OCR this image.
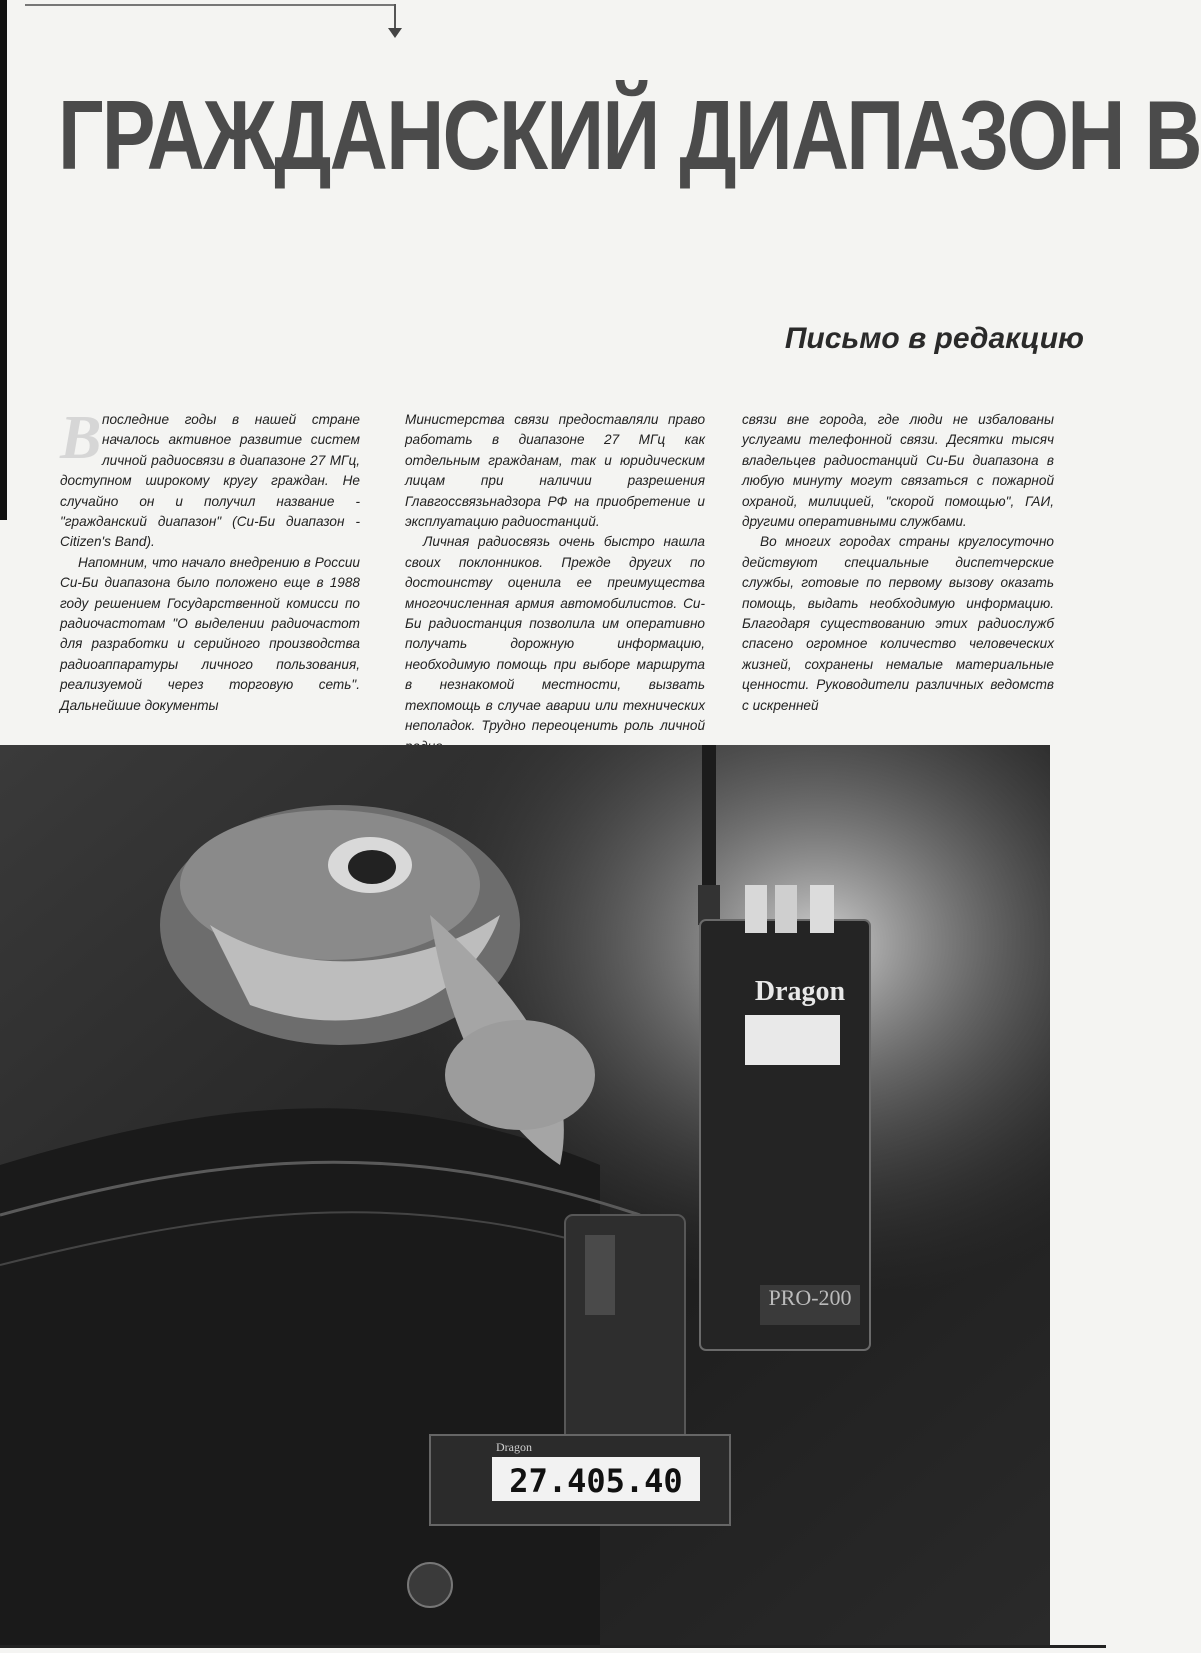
ГРАЖДАНСКИЙ ДИАПАЗОН В
Письмо в редакцию

Впоследние годы в нашей стране началось активное развитие систем личной радиосвязи в диапазоне 27 МГц, доступном широкому кругу граждан. Не случайно он и получил название - "гражданский диапазон" (Си-Би диапазон - Citizen's Band).

Напомним, что начало внедрению в России Си-Би диапазона было положено еще в 1988 году решением Государственной комисси по радиочастотам "О выделении радиочастот для разработки и серийного производства радиоаппаратуры личного пользования, реализуемой через торговую сеть". Дальнейшие документы

Министерства связи предоставляли право работать в диапазоне 27 МГц как отдельным гражданам, так и юридическим лицам при наличии разрешения Главгоссвязьнадзора РФ на приобретение и эксплуатацию радиостанций.

Личная радиосвязь очень быстро нашла своих поклонников. Прежде других по достоинству оценила ее преимущества многочисленная армия автомобилистов. Си-Би радиостанция позволила им оперативно получать дорожную информацию, необходимую помощь при выборе маршрута в незнакомой местности, вызвать техпомощь в случае аварии или технических неполадок. Трудно переоценить роль личной

связи вне города, где люди не избалованы услугами телефонной связи. Десятки тысяч владельцев радиостанций Си-Би диапазона в любую минуту могут связаться с пожарной охраной, милицией, "скорой помощью", ГАИ, другими оперативными службами.

Во многих городах страны круглосуточно действуют специальные диспетчерские службы, готовые по первому вызову оказать помощь, выдать необходимую информацию. Благодаря существованию этих радиослужб спасено огромное количество человеческих жизней, сохранены немалые материальные ценности. Руководители различных ведомств с искренней

Dragon
PRO-200
Dragon
27.405.40
